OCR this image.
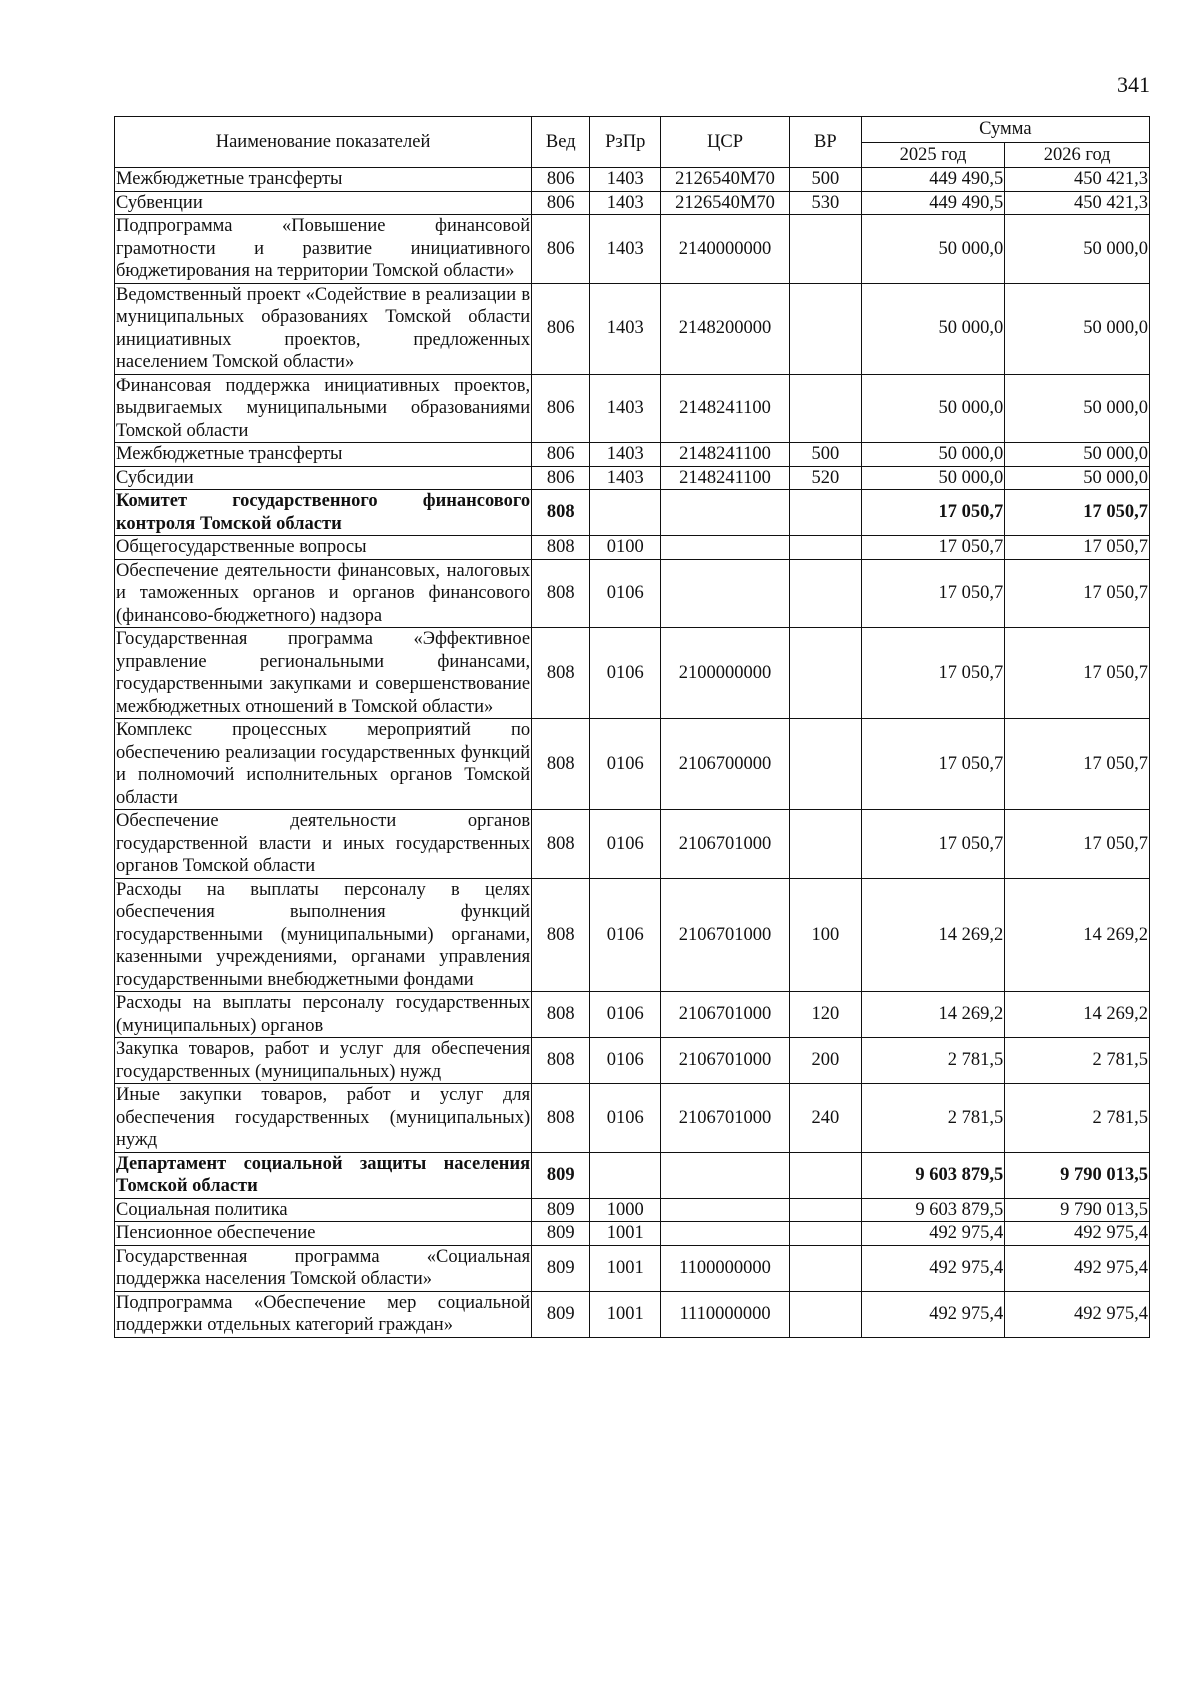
341
Наименование показателей	Вед	РзПр	ЦСР	ВР	Сумма	
					2025 год	2026 год
Межбюджетные трансферты	806	1403	2126540M70	500	449 490,5	450 421,3
Субвенции	806	1403	2126540M70	530	449 490,5	450 421,3
Подпрограмма «Повышение финансовой грамотности и развитие инициативного бюджетирования на территории Томской области»	806	1403	2140000000		50 000,0	50 000,0
Ведомственный проект «Содействие в реализации в муниципальных образованиях Томской области инициативных проектов, предложенных населением Томской области»	806	1403	2148200000		50 000,0	50 000,0
Финансовая поддержка инициативных проектов, выдвигаемых муниципальными образованиями Томской области	806	1403	2148241100		50 000,0	50 000,0
Межбюджетные трансферты	806	1403	2148241100	500	50 000,0	50 000,0
Субсидии	806	1403	2148241100	520	50 000,0	50 000,0
Комитет государственного финансового контроля Томской области	808				17 050,7	17 050,7
Общегосударственные вопросы	808	0100			17 050,7	17 050,7
Обеспечение деятельности финансовых, налоговых и таможенных органов и органов финансового (финансово-бюджетного) надзора	808	0106			17 050,7	17 050,7
Государственная программа «Эффективное управление региональными финансами, государственными закупками и совершенствование межбюджетных отношений в Томской области»	808	0106	2100000000		17 050,7	17 050,7
Комплекс процессных мероприятий по обеспечению реализации государственных функций и полномочий исполнительных органов Томской области	808	0106	2106700000		17 050,7	17 050,7
Обеспечение деятельности органов государственной власти и иных государственных органов Томской области	808	0106	2106701000		17 050,7	17 050,7
Расходы на выплаты персоналу в целях обеспечения выполнения функций государственными (муниципальными) органами, казенными учреждениями, органами управления государственными внебюджетными фондами	808	0106	2106701000	100	14 269,2	14 269,2
Расходы на выплаты персоналу государственных (муниципальных) органов	808	0106	2106701000	120	14 269,2	14 269,2
Закупка товаров, работ и услуг для обеспечения государственных (муниципальных) нужд	808	0106	2106701000	200	2 781,5	2 781,5
Иные закупки товаров, работ и услуг для обеспечения государственных (муниципальных) нужд	808	0106	2106701000	240	2 781,5	2 781,5
Департамент социальной защиты населения Томской области	809				9 603 879,5	9 790 013,5
Социальная политика	809	1000			9 603 879,5	9 790 013,5
Пенсионное обеспечение	809	1001			492 975,4	492 975,4
Государственная программа «Социальная поддержка населения Томской области»	809	1001	1100000000		492 975,4	492 975,4
Подпрограмма «Обеспечение мер социальной поддержки отдельных категорий граждан»	809	1001	1110000000		492 975,4	492 975,4
